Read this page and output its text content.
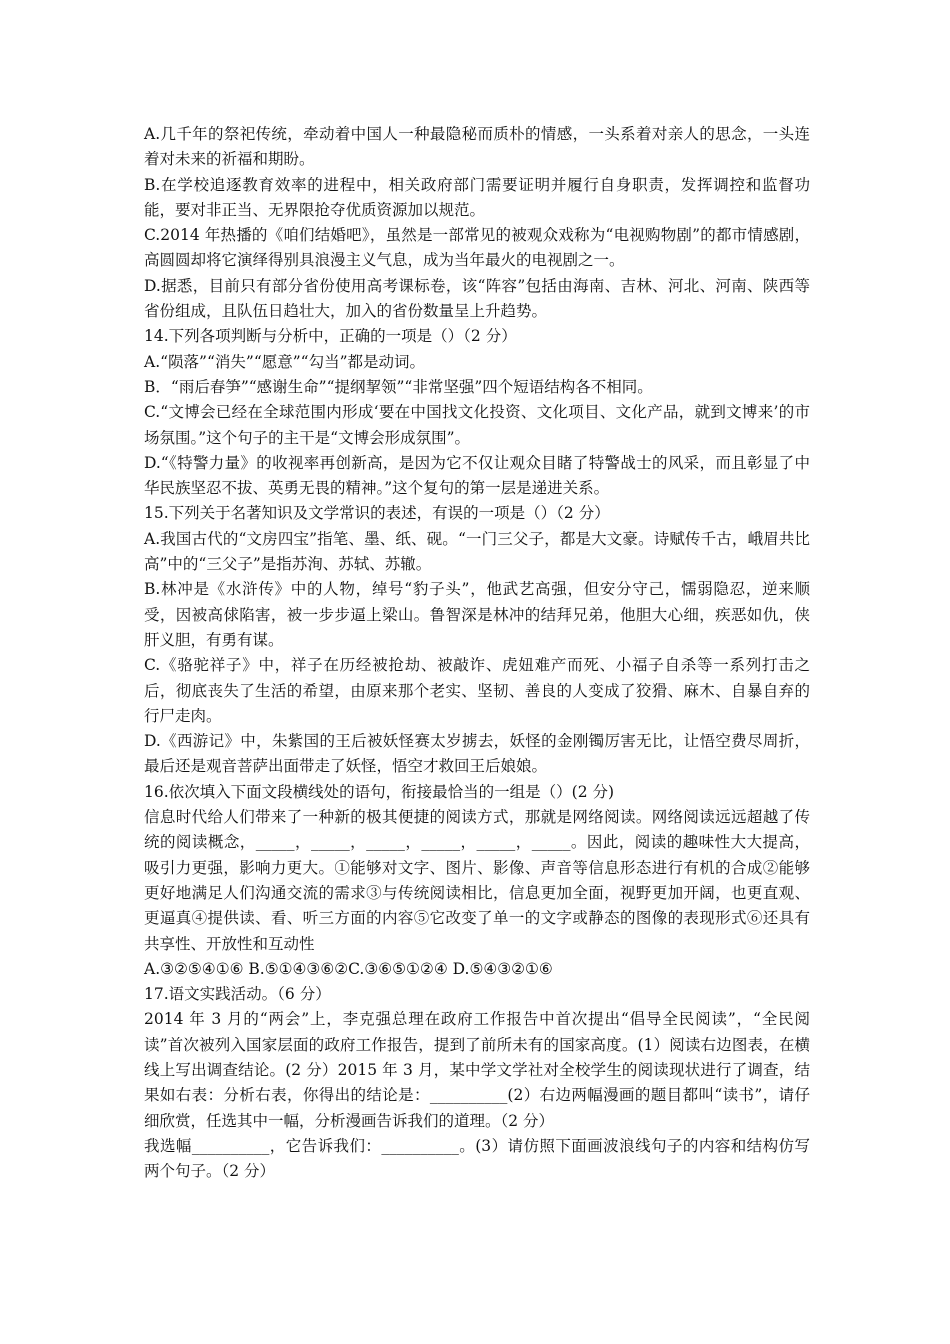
A.几千年的祭祀传统，牵动着中国人一种最隐秘而质朴的情感，一头系着对亲人的思念，一头连着对未来的祈福和期盼。

B.在学校追逐教育效率的进程中，相关政府部门需要证明并履行自身职责，发挥调控和监督功能，要对非正当、无界限抢夺优质资源加以规范。

C.2014 年热播的《咱们结婚吧》，虽然是一部常见的被观众戏称为“电视购物剧”的都市情感剧，高圆圆却将它演绎得别具浪漫主义气息，成为当年最火的电视剧之一。

D.据悉，目前只有部分省份使用高考课标卷，该“阵容”包括由海南、吉林、河北、河南、陕西等省份组成，且队伍日趋壮大，加入的省份数量呈上升趋势。

14.下列各项判断与分析中，正确的一项是（）（2 分）

A.“陨落”“消失”“愿意”“勾当”都是动词。

B．“雨后春笋”“感谢生命”“提纲挈领”“非常坚强”四个短语结构各不相同。

C.“文博会已经在全球范围内形成‘要在中国找文化投资、文化项目、文化产品，就到文博来’的市场氛围。”这个句子的主干是“文博会形成氛围”。

D.“《特警力量》的收视率再创新高，是因为它不仅让观众目睹了特警战士的风采，而且彰显了中华民族坚忍不拔、英勇无畏的精神。”这个复句的第一层是递进关系。

15.下列关于名著知识及文学常识的表述，有误的一项是（）（2 分）

A.我国古代的“文房四宝”指笔、墨、纸、砚。“一门三父子，都是大文豪。诗赋传千古，峨眉共比高”中的“三父子”是指苏洵、苏轼、苏辙。

B.林冲是《水浒传》中的人物，绰号“豹子头”，他武艺高强，但安分守己，懦弱隐忍，逆来顺受，因被高俅陷害，被一步步逼上梁山。鲁智深是林冲的结拜兄弟，他胆大心细，疾恶如仇，侠肝义胆，有勇有谋。

C.《骆驼祥子》中，祥子在历经被抢劫、被敲诈、虎妞难产而死、小福子自杀等一系列打击之后，彻底丧失了生活的希望，由原来那个老实、坚韧、善良的人变成了狡猾、麻木、自暴自弃的行尸走肉。

D.《西游记》中，朱紫国的王后被妖怪赛太岁掳去，妖怪的金刚镯厉害无比，让悟空费尽周折，最后还是观音菩萨出面带走了妖怪，悟空才救回王后娘娘。

16.依次填入下面文段横线处的语句，衔接最恰当的一组是（）(2 分)

信息时代给人们带来了一种新的极其便捷的阅读方式，那就是网络阅读。网络阅读远远超越了传统的阅读概念，_____，_____，_____，_____，_____，_____。因此，阅读的趣味性大大提高，吸引力更强，影响力更大。①能够对文字、图片、影像、声音等信息形态进行有机的合成②能够更好地满足人们沟通交流的需求③与传统阅读相比，信息更加全面，视野更加开阔，也更直观、更逼真④提供读、看、听三方面的内容⑤它改变了单一的文字或静态的图像的表现形式⑥还具有共享性、开放性和互动性

A.③②⑤④①⑥ B.⑤①④③⑥②C.③⑥⑤①②④ D.⑤④③②①⑥

17.语文实践活动。（6 分）

2014 年 3 月的“两会”上，李克强总理在政府工作报告中首次提出“倡导全民阅读”，“全民阅读”首次被列入国家层面的政府工作报告，提到了前所未有的国家高度。(1）阅读右边图表，在横线上写出调查结论。(2 分）2015 年 3 月，某中学文学社对全校学生的阅读现状进行了调查，结果如右表：分析右表，你得出的结论是：__________(2）右边两幅漫画的题目都叫“读书”，请仔细欣赏，任选其中一幅，分析漫画告诉我们的道理。（2 分）

我选幅__________，它告诉我们：__________。(3）请仿照下面画波浪线句子的内容和结构仿写两个句子。（2 分）
